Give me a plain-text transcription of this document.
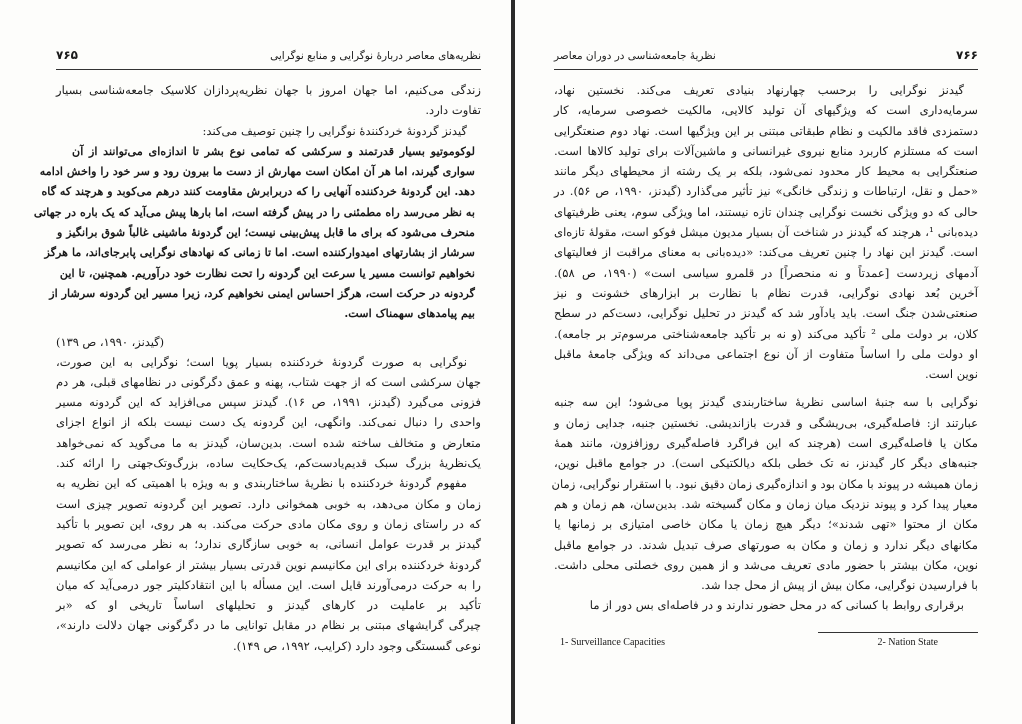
نظریه‌های معاصر دربارهٔ نوگرایی و منابع نوگرایی
۷۶۵
زندگی می‌کنیم، اما جهان امروز با جهان نظریه‌پردازان کلاسیک جامعه‌شناسی بسیار
تفاوت دارد.
گیدنز گردونهٔ خردکنندهٔ نوگرایی را چنین توصیف می‌کند:
لوکوموتیو بسیار قدرتمند و سرکشی که تمامی نوع بشر تا اندازه‌ای می‌توانند از آن
سواری گیرند، اما هر آن امکان است مهارش از دست ما بیرون رود و سر خود را واخش ادامه
دهد. این گردونهٔ خردکننده آنهایی را که دربرابرش مقاومت کنند درهم می‌کوبد و هرچند که گاه
به نظر می‌رسد راه مطمئنی را در پیش گرفته است، اما بارها پیش می‌آید که یک باره در جهاتی
منحرف می‌شود که برای ما قابل پیش‌بینی نیست؛ این گردونهٔ ماشینی غالباً شوق برانگیز و
سرشار از بشارتهای امیدوارکننده است. اما تا زمانی که نهادهای نوگرایی پابرجای‌اند، ما هرگز
نخواهیم توانست مسیر یا سرعت این گردونه را تحت نظارت خود درآوریم. همچنین، تا این
گردونه در حرکت است، هرگز احساس ایمنی نخواهیم کرد، زیرا مسیر این گردونه سرشار از
بیم پیامدهای سهمناک است.
(گیدنز، ۱۹۹۰، ص ۱۳۹)
نوگرایی به صورت گردونهٔ خردکننده بسیار پویا است؛ نوگرایی به این صورت،
جهان سرکشی است که از جهت شتاب، پهنه و عمق دگرگونی در نظامهای قبلی، هر دم
فزونی می‌گیرد (گیدنز، ۱۹۹۱، ص ۱۶). گیدنز سپس می‌افزاید که این گردونه مسیر
واحدی را دنبال نمی‌کند. وانگهی، این گردونه یک دست نیست بلکه از انواع اجزای
متعارض و متخالف ساخته شده است. بدین‌سان، گیدنز به ما می‌گوید که نمی‌خواهد
یک‌نظریهٔ بزرگ سبک قدیم‌یادست‌کم، یک‌حکایت ساده، بزرگ‌وتک‌جهتی را ارائه کند.
مفهوم گردونهٔ خردکننده با نظریهٔ ساختاربندی و به ویژه با اهمیتی که این نظریه به
زمان و مکان می‌دهد، به خوبی همخوانی دارد. تصویر این گردونه تصویر چیزی است
که در راستای زمان و روی مکان مادی حرکت می‌کند. به هر روی، این تصویر با تأکید
گیدنز بر قدرت عوامل انسانی، به خوبی سازگاری ندارد؛ به نظر می‌رسد که تصویر
گردونهٔ خردکننده برای این مکانیسم نوین قدرتی بسیار بیشتر از عواملی که این مکانیسم
را به حرکت درمی‌آورند قایل است. این مسأله با این انتقادکلیتر جور درمی‌آید که میان
تأکید بر عاملیت در کارهای گیدنز و تحلیلهای اساساً تاریخی او که «بر
چیرگی گرایشهای مبتنی بر نظام در مقابل توانایی ما در دگرگونی جهان دلالت دارند»،
نوعی گسستگی وجود دارد (کرایب، ۱۹۹۲، ص ۱۴۹).
۷۶۶
نظریهٔ جامعه‌شناسی در دوران معاصر
گیدنز نوگرایی را برحسب چهارنهاد بنیادی تعریف می‌کند. نخستین نهاد،
سرمایه‌داری است که ویژگیهای آن تولید کالایی، مالکیت خصوصی سرمایه، کار
دستمزدی فاقد مالکیت و نظام طبقاتی مبتنی بر این ویژگیها است. نهاد دوم صنعتگرایی
است که مستلزم کاربرد منابع نیروی غیرانسانی و ماشین‌آلات برای تولید کالاها است.
صنعتگرایی به محیط کار محدود نمی‌شود، بلکه بر یک رشته از محیطهای دیگر مانند
«حمل و نقل، ارتباطات و زندگی خانگی» نیز تأثیر می‌گذارد (گیدنز، ۱۹۹۰، ص ۵۶). در
حالی که دو ویژگی نخست نوگرایی چندان تازه نیستند، اما ویژگی سوم، یعنی ظرفیتهای
دیده‌بانی ¹، هرچند که گیدنز در شناخت آن بسیار مدیون میشل فوکو است، مقولهٔ تازه‌ای
است. گیدنز این نهاد را چنین تعریف می‌کند: «دیده‌بانی به معنای مراقبت از فعالیتهای
آدمهای زیردست [عمدتاً و نه منحصراً] در قلمرو سیاسی است» (۱۹۹۰، ص ۵۸).
آخرین بُعد نهادی نوگرایی، قدرت نظام با نظارت بر ابزارهای خشونت و نیز
صنعتی‌شدن جنگ است. باید یادآور شد که گیدنز در تحلیل نوگرایی، دست‌کم در سطح
کلان، بر دولت ملی ² تأکید می‌کند (و نه بر تأکید جامعه‌شناختی مرسوم‌تر بر جامعه).
او دولت ملی را اساساً متفاوت از آن نوع اجتماعی می‌داند که ویژگی جامعهٔ ماقبل
نوین است.
نوگرایی با سه جنبهٔ اساسی نظریهٔ ساختاربندی گیدنز پویا می‌شود؛ این سه جنبه
عبارتند از: فاصله‌گیری، بی‌ریشگی و قدرت بازاندیشی. نخستین جنبه، جدایی زمان و
مکان یا فاصله‌گیری است (هرچند که این فراگرد فاصله‌گیری روزافزون، مانند همهٔ
جنبه‌های دیگر کار گیدنز، نه تک خطی بلکه دیالکتیکی است). در جوامع ماقبل نوین،
زمان همیشه در پیوند با مکان بود و اندازه‌گیری زمان دقیق نبود. با استقرار نوگرایی، زمان
معیار پیدا کرد و پیوند نزدیک میان زمان و مکان گسیخته شد. بدین‌سان، هم زمان و هم
مکان از محتوا «تهی شدند»؛ دیگر هیچ زمان یا مکان خاصی امتیازی بر زمانها یا
مکانهای دیگر ندارد و زمان و مکان به صورتهای صرف تبدیل شدند. در جوامع ماقبل
نوین، مکان بیشتر با حضور مادی تعریف می‌شد و از همین روی خصلتی محلی داشت.
با فرارسیدن نوگرایی، مکان بیش از پیش از محل جدا شد.
برقراری روابط با کسانی که در محل حضور ندارند و در فاصله‌ای بس دور از ما
1- Surveillance Capacities	2- Nation State
